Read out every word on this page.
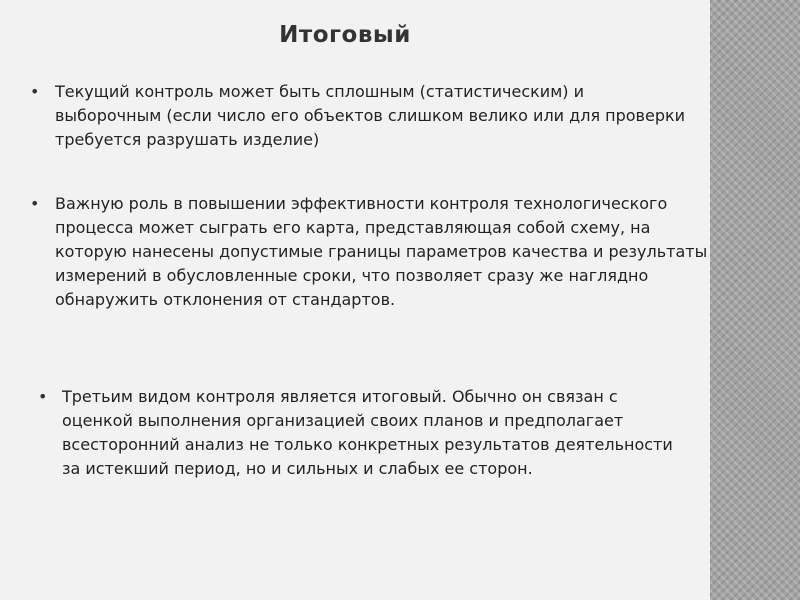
Итоговый
• Текущий контроль может быть сплошным (статистическим) и выборочным (если число его объектов слишком велико или для проверки требуется разрушать изделие)
• Важную роль в повышении эффективности контроля технологического процесса может сыграть его карта, представляющая собой схему, на которую нанесены допустимые границы параметров качества и результаты измерений в обусловленные сроки, что позволяет сразу же наглядно обнаружить отклонения от стандартов.
• Третьим видом контроля является итоговый. Обычно он связан с оценкой выполнения организацией своих планов и предполагает всесторонний анализ не только конкретных результатов деятельности за истекший период, но и сильных и слабых ее сторон.
